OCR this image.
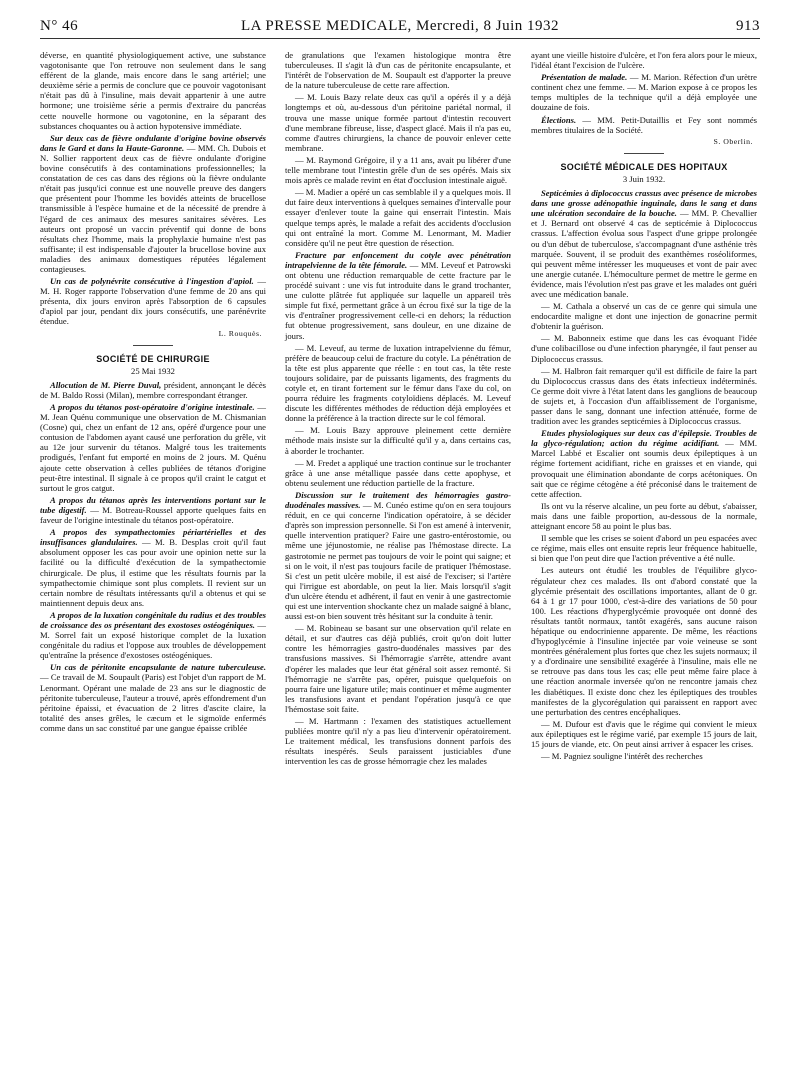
N° 46	LA PRESSE MEDICALE, Mercredi, 8 Juin 1932	913

déverse, en quantité physiologiquement active, une substance vagotonisante que l'on retrouve non seulement dans le sang efférent de la glande, mais encore dans le sang artériel; une deuxième série a permis de conclure que ce pouvoir vagotonisant n'était pas dû à l'insuline, mais devait appartenir à une autre hormone; une troisième série a permis d'extraire du pancréas cette nouvelle hormone ou vagotonine, en la séparant des substances choquantes ou à action hypotensive immédiate.

Sur deux cas de fièvre ondulante d'origine bovine observés dans le Gard et dans la Haute-Garonne. — MM. Ch. Dubois et N. Sollier rapportent deux cas de fièvre ondulante d'origine bovine consécutifs à des contaminations professionnelles; la constatation de ces cas dans des régions où la fièvre ondulante n'était pas jusqu'ici connue est une nouvelle preuve des dangers que présentent pour l'homme les bovidés atteints de brucellose transmissible à l'espèce humaine et de la nécessité de prendre à l'égard de ces animaux des mesures sanitaires sévères. Les auteurs ont proposé un vaccin préventif qui donne de bons résultats chez l'homme, mais la prophylaxie humaine n'est pas suffisante; il est indispensable d'ajouter la brucellose bovine aux maladies des animaux domestiques réputées légalement contagieuses.

Un cas de polynévrite consécutive à l'ingestion d'apiol. — M. H. Roger rapporte l'observation d'une femme de 20 ans qui présenta, dix jours environ après l'absorption de 6 capsules d'apiol par jour, pendant dix jours consécutifs, une parénévrite étendue.

L. Rouquès.
SOCIÉTÉ DE CHIRURGIE
25 Mai 1932

Allocution de M. Pierre Duval, président, annonçant le décès de M. Baldo Rossi (Milan), membre correspondant étranger.

A propos du tétanos post-opératoire d'origine intestinale. — M. Jean Quénu communique une observation de M. Chismanian (Cosne) qui, chez un enfant de 12 ans, opéré d'urgence pour une contusion de l'abdomen ayant causé une perforation du grêle, vit au 12e jour survenir du tétanos. Malgré tous les traitements prodigués, l'enfant fut emporté en moins de 2 jours. M. Quénu ajoute cette observation à celles publiées de tétanos d'origine peut-être intestinal. Il signale à ce propos qu'il craint le catgut et surtout le gros catgut.

A propos du tétanos après les interventions portant sur le tube digestif. — M. Botreau-Roussel apporte quelques faits en faveur de l'origine intestinale du tétanos post-opératoire.

A propos des sympathectomies périartérielles et des insuffisances glandulaires. — M. B. Desplas croit qu'il faut absolument opposer les cas pour avoir une opinion nette sur la facilité ou la difficulté d'exécution de la sympathectomie chirurgicale. De plus, il estime que les résultats fournis par la sympathectomie chimique sont plus complets. Il revient sur un certain nombre de résultats intéressants qu'il a obtenus et qui se maintiennent depuis deux ans.

A propos de la luxation congénitale du radius et des troubles de croissance des os présentant des exostoses ostéogéniques. — M. Sorrel fait un exposé historique complet de la luxation congénitale du radius et l'oppose aux troubles de développement qu'entraîne la présence d'exostoses ostéogéniques.

Un cas de péritonite encapsulante de nature tuberculeuse. — Ce travail de M. Soupault (Paris) est l'objet d'un rapport de M. Lenormant. Opérant une malade de 23 ans sur le diagnostic de péritonite tuberculeuse, l'auteur a trouvé, après effondrement d'un péritoine épaissi, et évacuation de 2 litres d'ascite claire, la totalité des anses grêles, le cæcum et le sigmoïde enfermés comme dans un sac constitué par une gangue épaisse criblée

de granulations que l'examen histologique montra être tuberculeuses. Il s'agit là d'un cas de péritonite encapsulante, et l'intérêt de l'observation de M. Soupault est d'apporter la preuve de la nature tuberculeuse de cette rare affection.

— M. Louis Bazy relate deux cas qu'il a opérés il y a déjà longtemps et où, au-dessous d'un péritoine pariétal normal, il trouva une masse unique formée partout d'intestin recouvert d'une membrane fibreuse, lisse, d'aspect glacé. Mais il n'a pas eu, comme d'autres chirurgiens, la chance de pouvoir enlever cette membrane.

— M. Raymond Grégoire, il y a 11 ans, avait pu libérer d'une telle membrane tout l'intestin grêle d'un de ses opérés. Mais six mois après ce malade revint en état d'occlusion intestinale aiguë.

— M. Madier a opéré un cas semblable il y a quelques mois. Il dut faire deux interventions à quelques semaines d'intervalle pour essayer d'enlever toute la gaine qui enserrait l'intestin. Mais quelque temps après, le malade a refait des accidents d'occlusion qui ont entraîné la mort. Comme M. Lenormant, M. Madier considère qu'il ne peut être question de résection.

Fracture par enfoncement du cotyle avec pénétration intrapelvienne de la tête fémorale. — MM. Leveuf et Patrowski ont obtenu une réduction remarquable de cette fracture par le procédé suivant : une vis fut introduite dans le grand trochanter, une culotte plâtrée fut appliquée sur laquelle un appareil très simple fut fixé, permettant grâce à un écrou fixé sur la tige de la vis d'entraîner progressivement celle-ci en dehors; la réduction fut obtenue progressivement, sans douleur, en une dizaine de jours.

— M. Leveuf, au terme de luxation intrapelvienne du fémur, préfère de beaucoup celui de fracture du cotyle. La pénétration de la tête est plus apparente que réelle : en tout cas, la tête reste toujours solidaire, par de puissants ligaments, des fragments du cotyle et, en tirant fortement sur le fémur dans l'axe du col, on pourra réduire les fragments cotyloïdiens déplacés. M. Leveuf discute les différentes méthodes de réduction déjà employées et donne la préférence à la traction directe sur le col fémoral.

— M. Louis Bazy approuve pleinement cette dernière méthode mais insiste sur la difficulté qu'il y a, dans certains cas, à aborder le trochanter.

— M. Fredet a appliqué une traction continue sur le trochanter grâce à une anse métallique passée dans cette apophyse, et obtenu seulement une réduction partielle de la fracture.

Discussion sur le traitement des hémorragies gastro-duodénales massives. — M. Cunéo estime qu'on en sera toujours réduit, en ce qui concerne l'indication opératoire, à se décider d'après son impression personnelle. Si l'on est amené à intervenir, quelle intervention pratiquer? Faire une gastro-entérostomie, ou même une jéjunostomie, ne réalise pas l'hémostase directe. La gastrotomie ne permet pas toujours de voir le point qui saigne; et si on le voit, il n'est pas toujours facile de pratiquer l'hémostase. Si c'est un petit ulcère mobile, il est aisé de l'exciser; si l'artère qui l'irrigue est abordable, on peut la lier. Mais lorsqu'il s'agit d'un ulcère étendu et adhérent, il faut en venir à une gastrectomie qui est une intervention shockante chez un malade saigné à blanc, aussi est-on bien souvent très hésitant sur la conduite à tenir.

— M. Robineau se basant sur une observation qu'il relate en détail, et sur d'autres cas déjà publiés, croit qu'on doit lutter contre les hémorragies gastro-duodénales massives par des transfusions massives. Si l'hémorragie s'arrête, attendre avant d'opérer les malades que leur état général soit assez remonté. Si l'hémorragie ne s'arrête pas, opérer, puisque quelquefois on pourra faire une ligature utile; mais continuer et même augmenter les transfusions avant et pendant l'opération jusqu'à ce que l'hémostase soit faite.

— M. Hartmann : l'examen des statistiques actuellement publiées montre qu'il n'y a pas lieu d'intervenir opératoirement. Le traitement médical, les transfusions donnent parfois des résultats inespérés. Seuls paraissent justiciables d'une intervention les cas de grosse hémorragie chez les malades

ayant une vieille histoire d'ulcère, et l'on fera alors pour le mieux, l'idéal étant l'excision de l'ulcère.

Présentation de malade. — M. Marion. Réfection d'un urètre continent chez une femme. — M. Marion expose à ce propos les temps multiples de la technique qu'il a déjà employée une douzaine de fois.

Élections. — MM. Petit-Dutaillis et Fey sont nommés membres titulaires de la Société.

S. Oberlin.
SOCIÉTÉ MÉDICALE DES HOPITAUX
3 Juin 1932.

Septicémies à diplococcus crassus avec présence de microbes dans une grosse adénopathie inguinale, dans le sang et dans une ulcération secondaire de la bouche. — MM. P. Chevallier et J. Bernard ont observé 4 cas de septicémie à Diplococcus crassus. L'affection évolua sous l'aspect d'une grippe prolongée ou d'un début de tuberculose, s'accompagnant d'une asthénie très marquée. Souvent, il se produit des exanthèmes roséoliformes, qui peuvent même intéresser les muqueuses et vont de pair avec une anergie cutanée. L'hémoculture permet de mettre le germe en évidence, mais l'évolution n'est pas grave et les malades ont guéri avec une médication banale.

— M. Cathala a observé un cas de ce genre qui simula une endocardite maligne et dont une injection de gonacrine permit d'obtenir la guérison.

— M. Babonneix estime que dans les cas évoquant l'idée d'une colibacillose ou d'une infection pharyngée, il faut penser au Diplococcus crassus.

— M. Halbron fait remarquer qu'il est difficile de faire la part du Diplococcus crassus dans des états infectieux indéterminés. Ce germe doit vivre à l'état latent dans les ganglions de beaucoup de sujets et, à l'occasion d'un affaiblissement de l'organisme, passer dans le sang, donnant une infection atténuée, forme de tradition avec les grandes septicémies à Diplococcus crassus.

Etudes physiologiques sur deux cas d'épilepsie. Troubles de la glyco-régulation; action du régime acidifiant. — MM. Marcel Labbé et Escalier ont soumis deux épileptiques à un régime fortement acidifiant, riche en graisses et en viande, qui provoquait une élimination abondante de corps acétoniques. On sait que ce régime cétogène a été préconisé dans le traitement de cette affection.

Ils ont vu la réserve alcaline, un peu forte au début, s'abaisser, mais dans une faible proportion, au-dessous de la normale, atteignant encore 58 au point le plus bas.

Il semble que les crises se soient d'abord un peu espacées avec ce régime, mais elles ont ensuite repris leur fréquence habituelle, si bien que l'on peut dire que l'action préventive a été nulle.

Les auteurs ont étudié les troubles de l'équilibre glyco-régulateur chez ces malades. Ils ont d'abord constaté que la glycémie présentait des oscillations importantes, allant de 0 gr. 64 à 1 gr 17 pour 1000, c'est-à-dire des variations de 50 pour 100. Les réactions d'hyperglycémie provoquée ont donné des résultats tantôt normaux, tantôt exagérés, sans aucune raison hépatique ou endocrinienne apparente. De même, les réactions d'hypoglycémie à l'insuline injectée par voie veineuse se sont montrées généralement plus fortes que chez les sujets normaux; il y a d'ordinaire une sensibilité exagérée à l'insuline, mais elle ne se retrouve pas dans tous les cas; elle peut même faire place à une réaction anormale inversée qu'on ne rencontre jamais chez les diabétiques. Il existe donc chez les épileptiques des troubles manifestes de la glycorégulation qui paraissent en rapport avec une perturbation des centres encéphaliques.

— M. Dufour est d'avis que le régime qui convient le mieux aux épileptiques est le régime varié, par exemple 15 jours de lait, 15 jours de viande, etc. On peut ainsi arriver à espacer les crises.

— M. Pagniez souligne l'intérêt des recherches
